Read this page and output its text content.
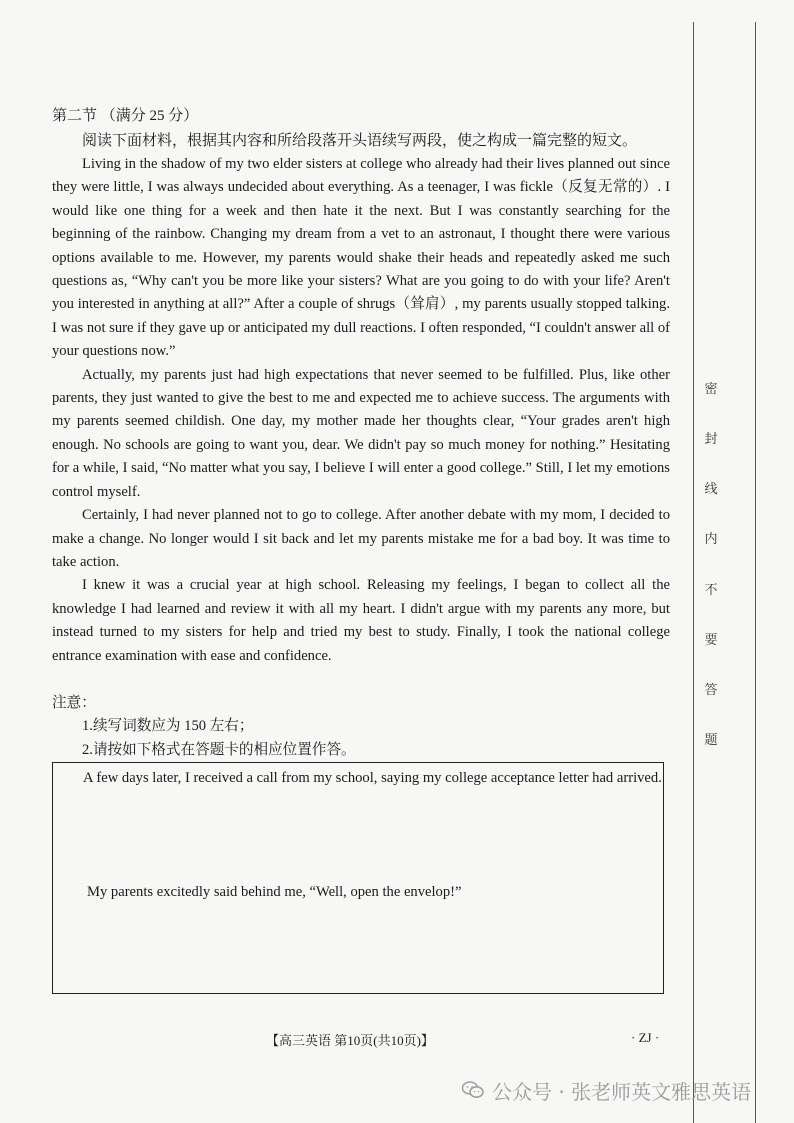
第二节 （满分 25 分）
阅读下面材料，根据其内容和所给段落开头语续写两段，使之构成一篇完整的短文。

Living in the shadow of my two elder sisters at college who already had their lives planned out since they were little, I was always undecided about everything. As a teenager, I was fickle（反复无常的）. I would like one thing for a week and then hate it the next. But I was constantly searching for the beginning of the rainbow. Changing my dream from a vet to an astronaut, I thought there were various options available to me. However, my parents would shake their heads and repeatedly asked me such questions as, “Why can't you be more like your sisters? What are you going to do with your life? Aren't you interested in anything at all?” After a couple of shrugs（耸肩）, my parents usually stopped talking. I was not sure if they gave up or anticipated my dull reactions. I often responded, “I couldn't answer all of your questions now.”

Actually, my parents just had high expectations that never seemed to be fulfilled. Plus, like other parents, they just wanted to give the best to me and expected me to achieve success. The arguments with my parents seemed childish. One day, my mother made her thoughts clear, “Your grades aren't high enough. No schools are going to want you, dear. We didn't pay so much money for nothing.” Hesitating for a while, I said, “No matter what you say, I believe I will enter a good college.” Still, I let my emotions control myself.

Certainly, I had never planned not to go to college. After another debate with my mom, I decided to make a change. No longer would I sit back and let my parents mistake me for a bad boy. It was time to take action.

I knew it was a crucial year at high school. Releasing my feelings, I began to collect all the knowledge I had learned and review it with all my heart. I didn't argue with my parents any more, but instead turned to my sisters for help and tried my best to study. Finally, I took the national college entrance examination with ease and confidence.

注意：
1.续写词数应为 150 左右；
2.请按如下格式在答题卡的相应位置作答。
A few days later, I received a call from my school, saying my college acceptance letter had arrived.
My parents excitedly said behind me, “Well, open the envelop!”
密
封
线
内
不
要
答
题
【高三英语 第10页(共10页)】	· ZJ ·
公众号 · 张老师英文雅思英语
